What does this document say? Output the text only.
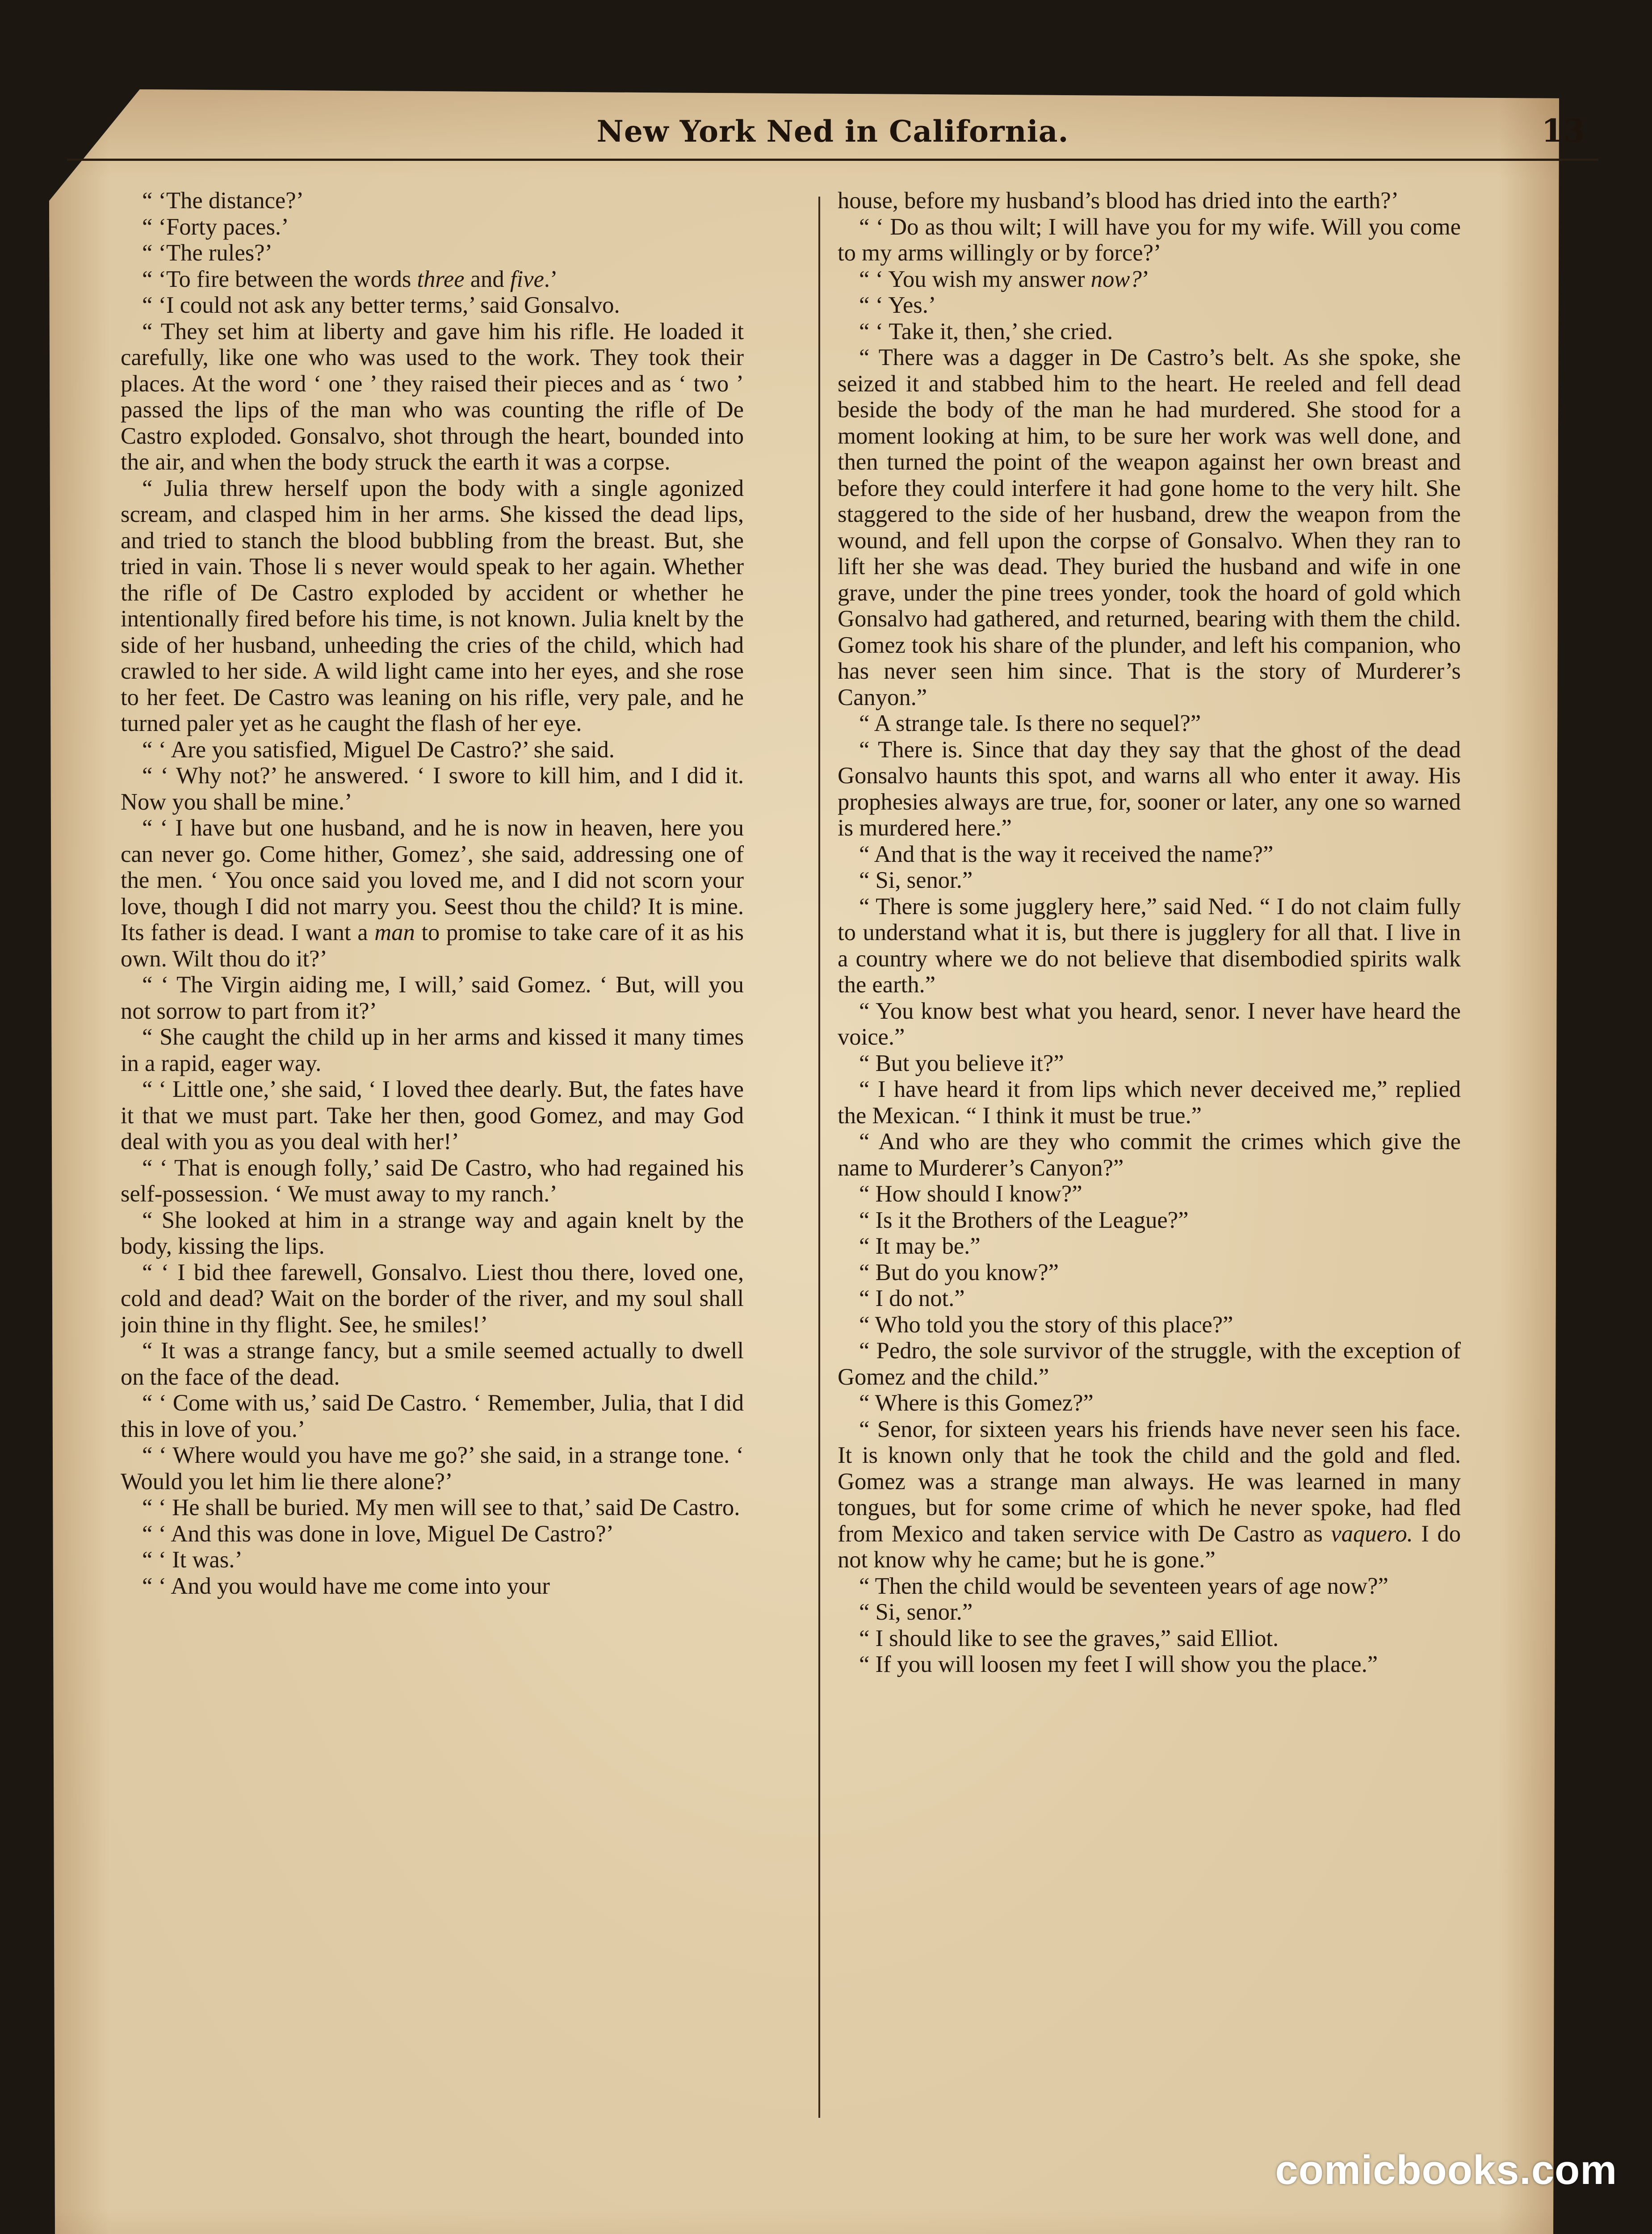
New York Ned in California.	13

“ ‘The distance?’

“ ‘Forty paces.’

“ ‘The rules?’

“ ‘To fire between the words three and five.’

“ ‘I could not ask any better terms,’ said Gonsalvo.

“ They set him at liberty and gave him his rifle. He loaded it carefully, like one who was used to the work. They took their places. At the word ‘ one ’ they raised their pieces and as ‘ two ’ passed the lips of the man who was counting the rifle of De Castro exploded. Gonsalvo, shot through the heart, bounded into the air, and when the body struck the earth it was a corpse.

“ Julia threw herself upon the body with a single agonized scream, and clasped him in her arms. She kissed the dead lips, and tried to stanch the blood bubbling from the breast. But, she tried in vain. Those li s never would speak to her again. Whether the rifle of De Castro exploded by accident or whether he intentionally fired before his time, is not known. Julia knelt by the side of her husband, unheeding the cries of the child, which had crawled to her side. A wild light came into her eyes, and she rose to her feet. De Castro was leaning on his rifle, very pale, and he turned paler yet as he caught the flash of her eye.

“ ‘ Are you satisfied, Miguel De Castro?’ she said.

“ ‘ Why not?’ he answered. ‘ I swore to kill him, and I did it. Now you shall be mine.’

“ ‘ I have but one husband, and he is now in heaven, here you can never go. Come hither, Gomez’, she said, addressing one of the men. ‘ You once said you loved me, and I did not scorn your love, though I did not marry you. Seest thou the child? It is mine. Its father is dead. I want a man to promise to take care of it as his own. Wilt thou do it?’

“ ‘ The Virgin aiding me, I will,’ said Gomez. ‘ But, will you not sorrow to part from it?’

“ She caught the child up in her arms and kissed it many times in a rapid, eager way.

“ ‘ Little one,’ she said, ‘ I loved thee dearly. But, the fates have it that we must part. Take her then, good Gomez, and may God deal with you as you deal with her!’

“ ‘ That is enough folly,’ said De Castro, who had regained his self-possession. ‘ We must away to my ranch.’

“ She looked at him in a strange way and again knelt by the body, kissing the lips.

“ ‘ I bid thee farewell, Gonsalvo. Liest thou there, loved one, cold and dead? Wait on the border of the river, and my soul shall join thine in thy flight. See, he smiles!’

“ It was a strange fancy, but a smile seemed actually to dwell on the face of the dead.

“ ‘ Come with us,’ said De Castro. ‘ Remember, Julia, that I did this in love of you.’

“ ‘ Where would you have me go?’ she said, in a strange tone. ‘ Would you let him lie there alone?’

“ ‘ He shall be buried. My men will see to that,’ said De Castro.

“ ‘ And this was done in love, Miguel De Castro?’

“ ‘ It was.’

“ ‘ And you would have me come into your

house, before my husband’s blood has dried into the earth?’

“ ‘ Do as thou wilt; I will have you for my wife. Will you come to my arms willingly or by force?’

“ ‘ You wish my answer now?’

“ ‘ Yes.’

“ ‘ Take it, then,’ she cried.

“ There was a dagger in De Castro’s belt. As she spoke, she seized it and stabbed him to the heart. He reeled and fell dead beside the body of the man he had murdered. She stood for a moment looking at him, to be sure her work was well done, and then turned the point of the weapon against her own breast and before they could interfere it had gone home to the very hilt. She staggered to the side of her husband, drew the weapon from the wound, and fell upon the corpse of Gonsalvo. When they ran to lift her she was dead. They buried the husband and wife in one grave, under the pine trees yonder, took the hoard of gold which Gonsalvo had gathered, and returned, bearing with them the child. Gomez took his share of the plunder, and left his companion, who has never seen him since. That is the story of Murderer’s Canyon.”

“ A strange tale. Is there no sequel?”

“ There is. Since that day they say that the ghost of the dead Gonsalvo haunts this spot, and warns all who enter it away. His prophesies always are true, for, sooner or later, any one so warned is murdered here.”

“ And that is the way it received the name?”

“ Si, senor.”

“ There is some jugglery here,” said Ned. “ I do not claim fully to understand what it is, but there is jugglery for all that. I live in a country where we do not believe that disembodied spirits walk the earth.”

“ You know best what you heard, senor. I never have heard the voice.”

“ But you believe it?”

“ I have heard it from lips which never deceived me,” replied the Mexican. “ I think it must be true.”

“ And who are they who commit the crimes which give the name to Murderer’s Canyon?”

“ How should I know?”

“ Is it the Brothers of the League?”

“ It may be.”

“ But do you know?”

“ I do not.”

“ Who told you the story of this place?”

“ Pedro, the sole survivor of the struggle, with the exception of Gomez and the child.”

“ Where is this Gomez?”

“ Senor, for sixteen years his friends have never seen his face. It is known only that he took the child and the gold and fled. Gomez was a strange man always. He was learned in many tongues, but for some crime of which he never spoke, had fled from Mexico and taken service with De Castro as vaquero. I do not know why he came; but he is gone.”

“ Then the child would be seventeen years of age now?”

“ Si, senor.”

“ I should like to see the graves,” said Elliot.

“ If you will loosen my feet I will show you the place.”

comicbooks.com
